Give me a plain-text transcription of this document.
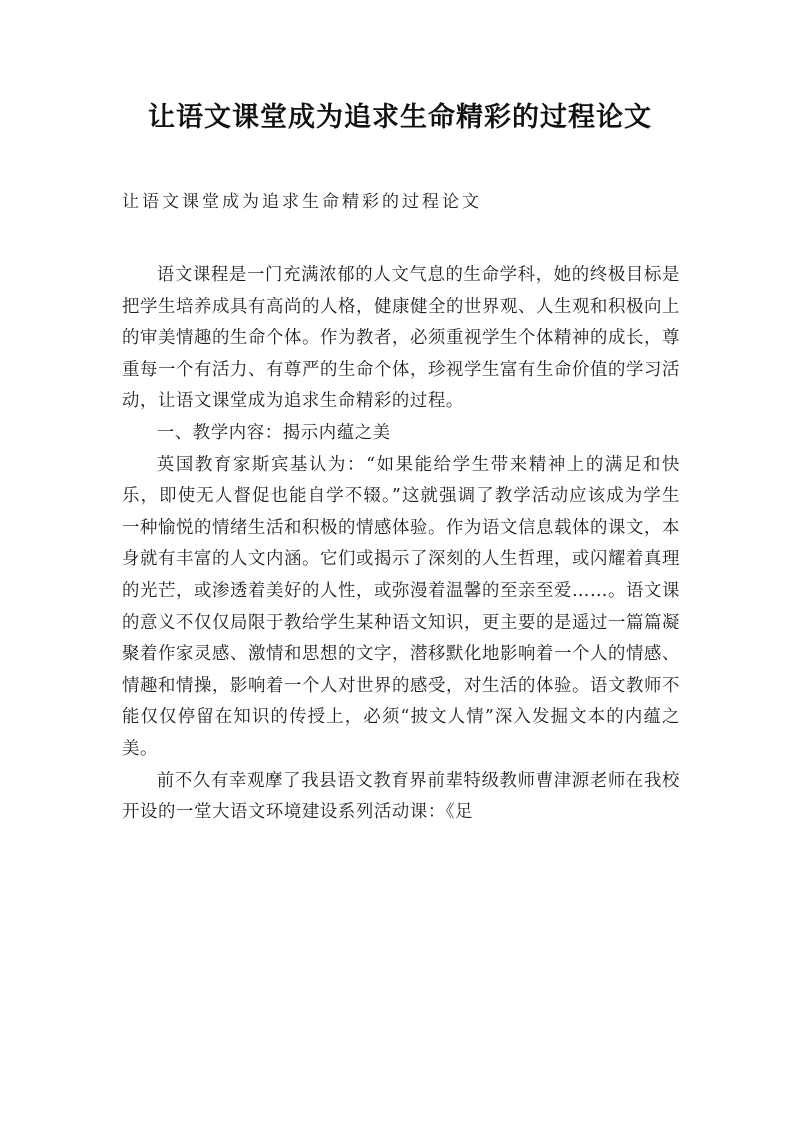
让语文课堂成为追求生命精彩的过程论文

让语文课堂成为追求生命精彩的过程论文

语文课程是一门充满浓郁的人文气息的生命学科，她的终极目标是把学生培养成具有高尚的人格，健康健全的世界观、人生观和积极向上的审美情趣的生命个体。作为教者，必须重视学生个体精神的成长，尊重每一个有活力、有尊严的生命个体，珍视学生富有生命价值的学习活动，让语文课堂成为追求生命精彩的过程。

一、教学内容：揭示内蕴之美

英国教育家斯宾基认为：“如果能给学生带来精神上的满足和快乐，即使无人督促也能自学不辍。”这就强调了教学活动应该成为学生一种愉悦的情绪生活和积极的情感体验。作为语文信息载体的课文，本身就有丰富的人文内涵。它们或揭示了深刻的人生哲理，或闪耀着真理的光芒，或渗透着美好的人性，或弥漫着温馨的至亲至爱……。语文课的意义不仅仅局限于教给学生某种语文知识，更主要的是遥过一篇篇凝聚着作家灵感、激情和思想的文字，潜移默化地影响着一个人的情感、情趣和情操，影响着一个人对世界的感受，对生活的体验。语文教师不能仅仅停留在知识的传授上，必须“披文人情”深入发掘文本的内蕴之美。

前不久有幸观摩了我县语文教育界前辈特级教师曹津源老师在我校开设的一堂大语文环境建设系列活动课：《足
